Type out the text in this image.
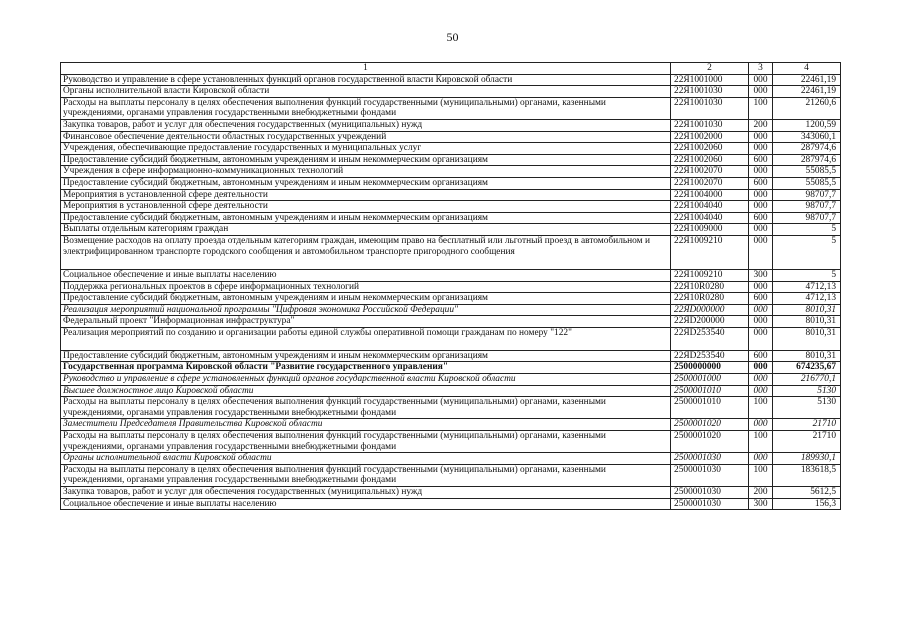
50
1	2	3	4
Руководство и управление в сфере установленных функций органов государственной власти Кировской области	22Я1001000	000	22461,19
Органы исполнительной власти Кировской области	22Я1001030	000	22461,19
Расходы на выплаты персоналу в целях обеспечения выполнения функций государственными (муниципальными) органами, казенными учреждениями, органами управления государственными внебюджетными фондами	22Я1001030	100	21260,6
Закупка товаров, работ и услуг для обеспечения государственных (муниципальных) нужд	22Я1001030	200	1200,59
Финансовое обеспечение деятельности областных государственных учреждений	22Я1002000	000	343060,1
Учреждения, обеспечивающие предоставление государственных и муниципальных услуг	22Я1002060	000	287974,6
Предоставление субсидий бюджетным, автономным учреждениям и иным некоммерческим организациям	22Я1002060	600	287974,6
Учреждения в сфере информационно-коммуникационных технологий	22Я1002070	000	55085,5
Предоставление субсидий бюджетным, автономным учреждениям и иным некоммерческим организациям	22Я1002070	600	55085,5
Мероприятия в установленной сфере деятельности	22Я1004000	000	98707,7
Мероприятия в установленной сфере деятельности	22Я1004040	000	98707,7
Предоставление субсидий бюджетным, автономным учреждениям и иным некоммерческим организациям	22Я1004040	600	98707,7
Выплаты отдельным категориям граждан	22Я1009000	000	5
Возмещение расходов на оплату проезда отдельным категориям граждан, имеющим право на бесплатный или льготный проезд в автомобильном и электрифицированном транспорте городского сообщения и автомобильном транспорте пригородного сообщения	22Я1009210	000	5
Социальное обеспечение и иные выплаты населению	22Я1009210	300	5
Поддержка региональных проектов в сфере информационных технологий	22Я10R0280	000	4712,13
Предоставление субсидий бюджетным, автономным учреждениям и иным некоммерческим организациям	22Я10R0280	600	4712,13
Реализация мероприятий национальной программы "Цифровая экономика Российской Федерации"	22ЯD000000	000	8010,31
Федеральный проект "Информационная инфраструктура"	22ЯD200000	000	8010,31
Реализация мероприятий по созданию и организации работы единой службы оперативной помощи гражданам по номеру "122"	22ЯD253540	000	8010,31
Предоставление субсидий бюджетным, автономным учреждениям и иным некоммерческим организациям	22ЯD253540	600	8010,31
Государственная программа Кировской области "Развитие государственного управления"	2500000000	000	674235,67
Руководство и управление в сфере установленных функций органов государственной власти Кировской области	2500001000	000	216770,1
Высшее должностное лицо Кировской области	2500001010	000	5130
Расходы на выплаты персоналу в целях обеспечения выполнения функций государственными (муниципальными) органами, казенными учреждениями, органами управления государственными внебюджетными фондами	2500001010	100	5130
Заместители Председателя Правительства Кировской области	2500001020	000	21710
Расходы на выплаты персоналу в целях обеспечения выполнения функций государственными (муниципальными) органами, казенными учреждениями, органами управления государственными внебюджетными фондами	2500001020	100	21710
Органы исполнительной власти Кировской области	2500001030	000	189930,1
Расходы на выплаты персоналу в целях обеспечения выполнения функций государственными (муниципальными) органами, казенными учреждениями, органами управления государственными внебюджетными фондами	2500001030	100	183618,5
Закупка товаров, работ и услуг для обеспечения государственных (муниципальных) нужд	2500001030	200	5612,5
Социальное обеспечение и иные выплаты населению	2500001030	300	156,3
